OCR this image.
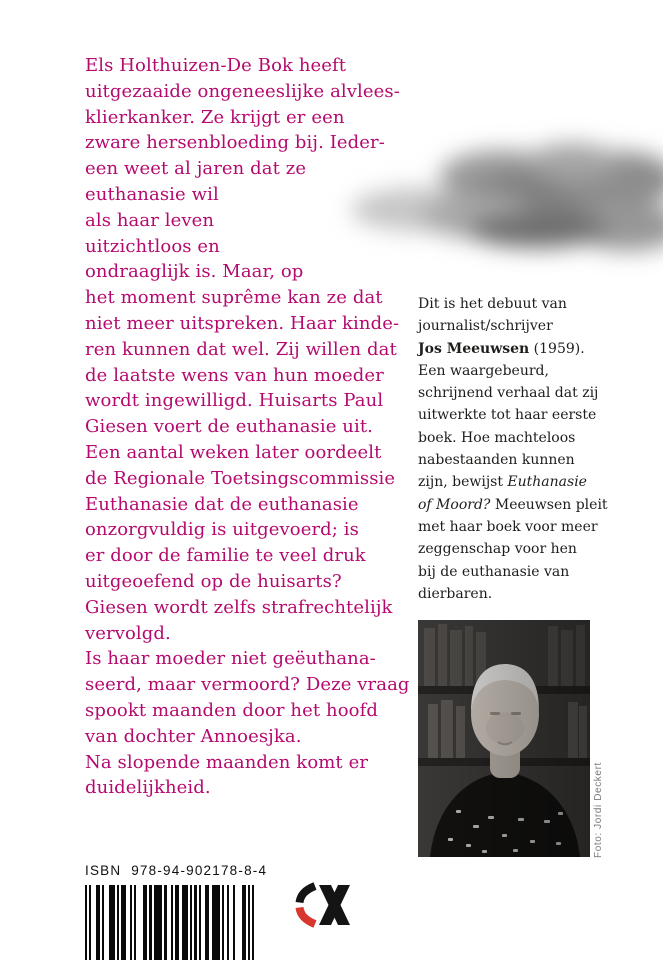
Els Holthuizen-De Bok heeft
uitgezaaide ongeneeslijke alvlees-
klierkanker. Ze krijgt er een
zware hersenbloeding bij. Ieder-
een weet al jaren dat ze
euthanasie wil
als haar leven
uitzichtloos en
ondraaglijk is. Maar, op
het moment suprême kan ze dat
niet meer uitspreken. Haar kinde-
ren kunnen dat wel. Zij willen dat
de laatste wens van hun moeder
wordt ingewilligd. Huisarts Paul
Giesen voert de euthanasie uit.
Een aantal weken later oordeelt
de Regionale Toetsingscommissie
Euthanasie dat de euthanasie
onzorgvuldig is uitgevoerd; is
er door de familie te veel druk
uitgeoefend op de huisarts?
Giesen wordt zelfs strafrechtelijk
vervolgd.
Is haar moeder niet geëuthana-
seerd, maar vermoord? Deze vraag
spookt maanden door het hoofd
van dochter Annoesjka.
Na slopende maanden komt er
duidelijkheid.
Dit is het debuut van
journalist/schrijver
Jos Meeuwsen (1959).
Een waargebeurd,
schrijnend verhaal dat zij
uitwerkte tot haar eerste
boek. Hoe machteloos
nabestaanden kunnen
zijn, bewijst Euthanasie
of Moord? Meeuwsen pleit
met haar boek voor meer
zeggenschap voor hen
bij de euthanasie van
dierbaren.
Foto: Jordi Deckert
ISBN  978-94-902178-8-4
